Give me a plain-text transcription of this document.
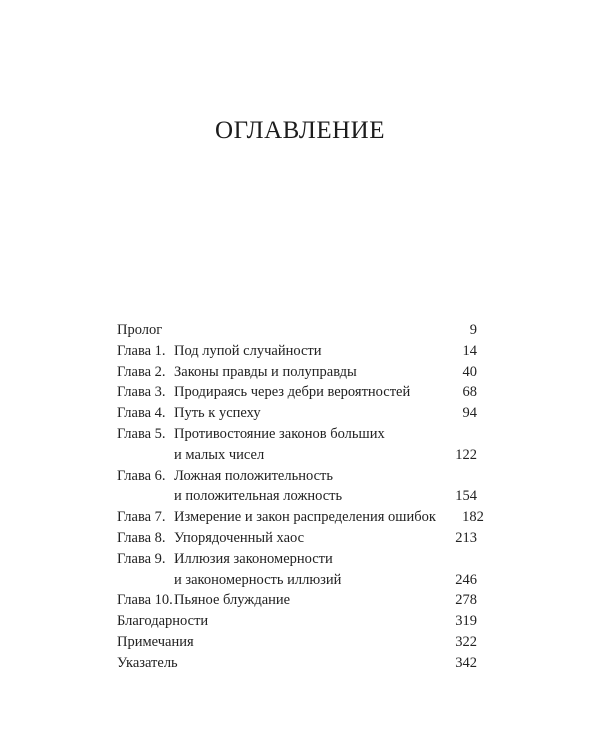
ОГЛАВЛЕНИЕ
Пролог	9
Глава 1. Под лупой случайности	14
Глава 2. Законы правды и полуправды	40
Глава 3. Продираясь через дебри вероятностей	68
Глава 4. Путь к успеху	94
Глава 5. Противостояние законов больших
и малых чисел	122
Глава 6. Ложная положительность
и положительная ложность	154
Глава 7. Измерение и закон распределения ошибок	182
Глава 8. Упорядоченный хаос	213
Глава 9. Иллюзия закономерности
и закономерность иллюзий	246
Глава 10. Пьяное блуждание	278
Благодарности	319
Примечания	322
Указатель	342
